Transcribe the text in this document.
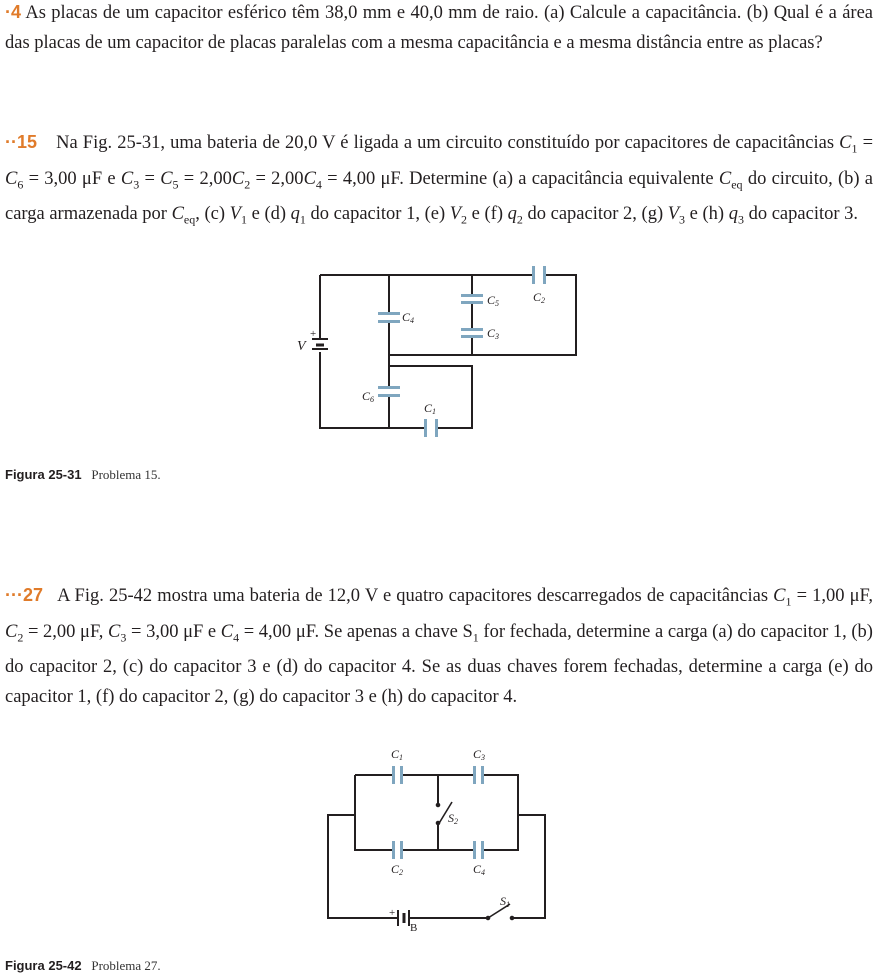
·4 As placas de um capacitor esférico têm 38,0 mm e 40,0 mm de raio. (a) Calcule a capacitância. (b) Qual é a área das placas de um capacitor de placas paralelas com a mesma capacitância e a mesma distância entre as placas?
··15 Na Fig. 25-31, uma bateria de 20,0 V é ligada a um circuito constituído por capacitores de capacitâncias $C_1 = C_6 = 3,00$ μF e $C_3 = C_5 = 2,00C_2 = 2,00C_4 = 4,00$ μF. Determine (a) a capacitância equivalente $C_{eq}$ do circuito, (b) a carga armazenada por $C_{eq}$, (c) $V_1$ e (d) $q_1$ do capacitor 1, (e) $V_2$ e (f) $q_2$ do capacitor 2, (g) $V_3$ e (h) $q_3$ do capacitor 3.
+
V
C2
C4
C5
C3
C6
C1
Figura 25-31 Problema 15.
···27 A Fig. 25-42 mostra uma bateria de 12,0 V e quatro capacitores descarregados de capacitâncias $C_1 = 1,00$ μF, $C_2 = 2,00$ μF, $C_3 = 3,00$ μF e $C_4 = 4,00$ μF. Se apenas a chave $S_1$ for fechada, determine a carga (a) do capacitor 1, (b) do capacitor 2, (c) do capacitor 3 e (d) do capacitor 4. Se as duas chaves forem fechadas, determine a carga (e) do capacitor 1, (f) do capacitor 2, (g) do capacitor 3 e (h) do capacitor 4.
+
B
C1	C3
C2	C4
S2
S1
Figura 25-42 Problema 27.
